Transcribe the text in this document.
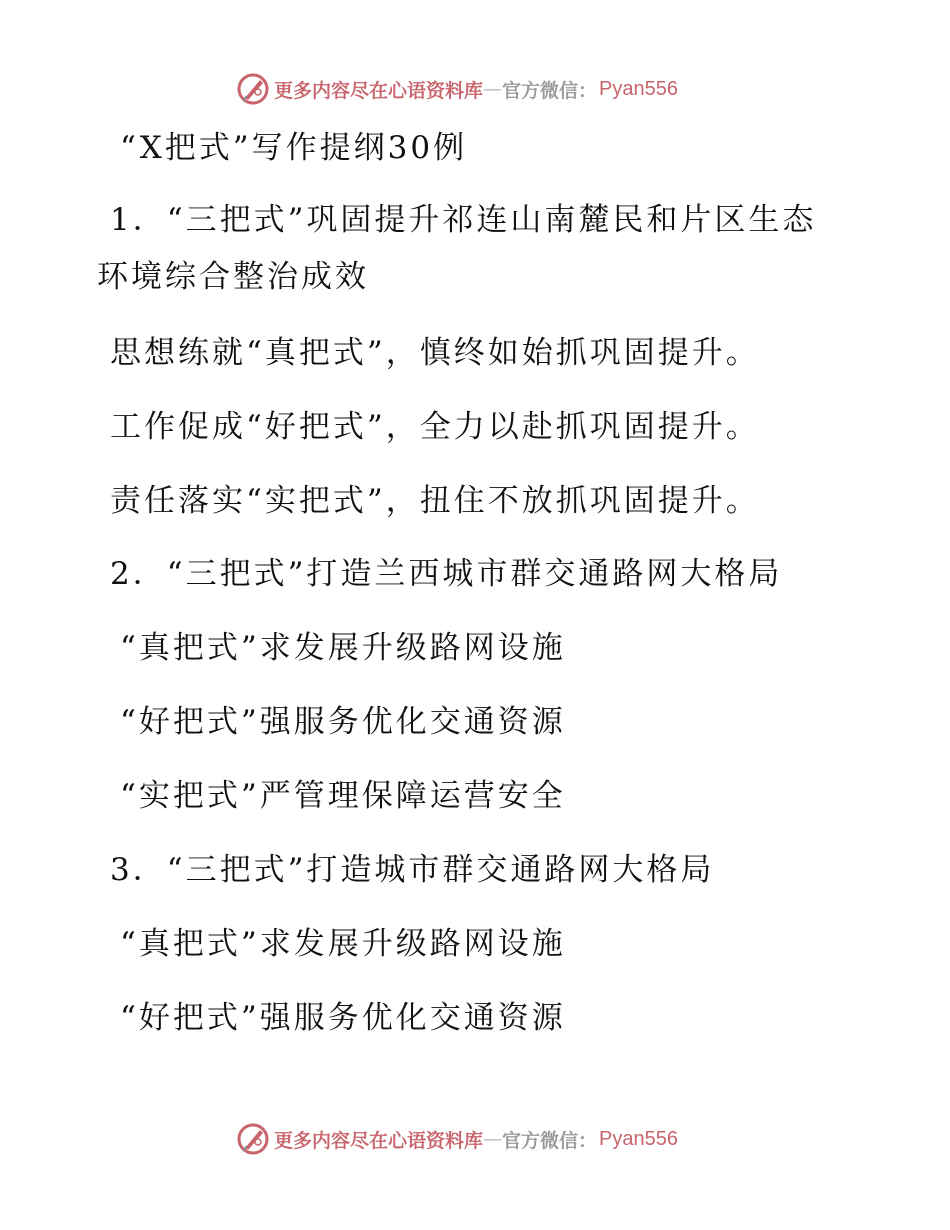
更多内容尽在心语资料库 — 官方微信： Pyan556
“X把式”写作提纲30例
1．“三把式”巩固提升祁连山南麓民和片区生态
环境综合整治成效
思想练就“真把式”，慎终如始抓巩固提升。
工作促成“好把式”，全力以赴抓巩固提升。
责任落实“实把式”，扭住不放抓巩固提升。
2．“三把式”打造兰西城市群交通路网大格局
“真把式”求发展升级路网设施
“好把式”强服务优化交通资源
“实把式”严管理保障运营安全
3．“三把式”打造城市群交通路网大格局
“真把式”求发展升级路网设施
“好把式”强服务优化交通资源
更多内容尽在心语资料库 — 官方微信： Pyan556
